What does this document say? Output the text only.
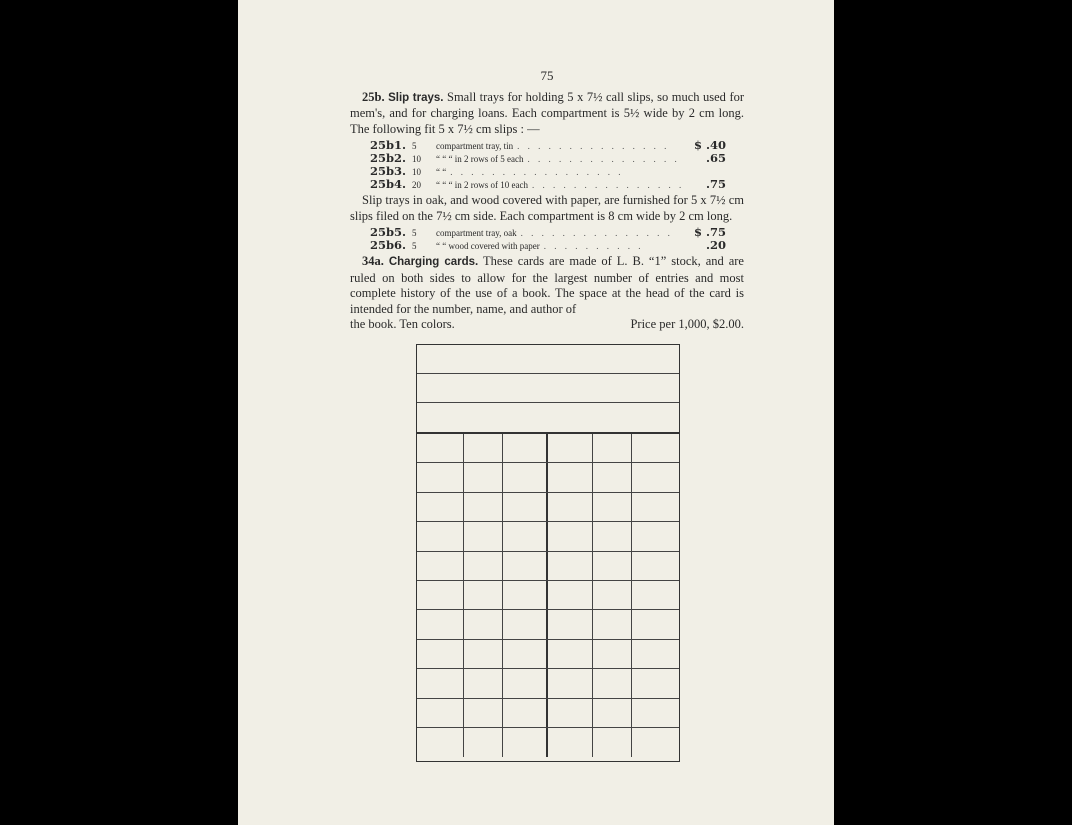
75

25b. Slip trays. Small trays for holding 5 x 7½ call slips, so much used for mem's, and for charging loans. Each compartment is 5½ wide by 2 cm long. The following fit 5 x 7½ cm slips : —

25b1. 5	compartment tray, tin . . . . . . . . . . . . . . .	$ .40
25b2. 10	“ “ “ in 2 rows of 5 each . . . . . . . . . . . . . . .	.65
25b3. 10	“ “ . . . . . . . . . . . . . . . . .
25b4. 20	“ “ “ in 2 rows of 10 each . . . . . . . . . . . . . . .	.75

Slip trays in oak, and wood covered with paper, are furnished for 5 x 7½ cm slips filed on the 7½ cm side. Each compartment is 8 cm wide by 2 cm long.

25b5. 5	compartment tray, oak . . . . . . . . . . . . . . .	$ .75
25b6. 5	“ “ wood covered with paper . . . . . . . . . .	.20

34a. Charging cards. These cards are made of L. B. “1” stock, and are ruled on both sides to allow for the largest number of entries and most complete history of the use of a book. The space at the head of the card is intended for the number, name, and author of

the book. Ten colors.	Price per 1,000, $2.00.
